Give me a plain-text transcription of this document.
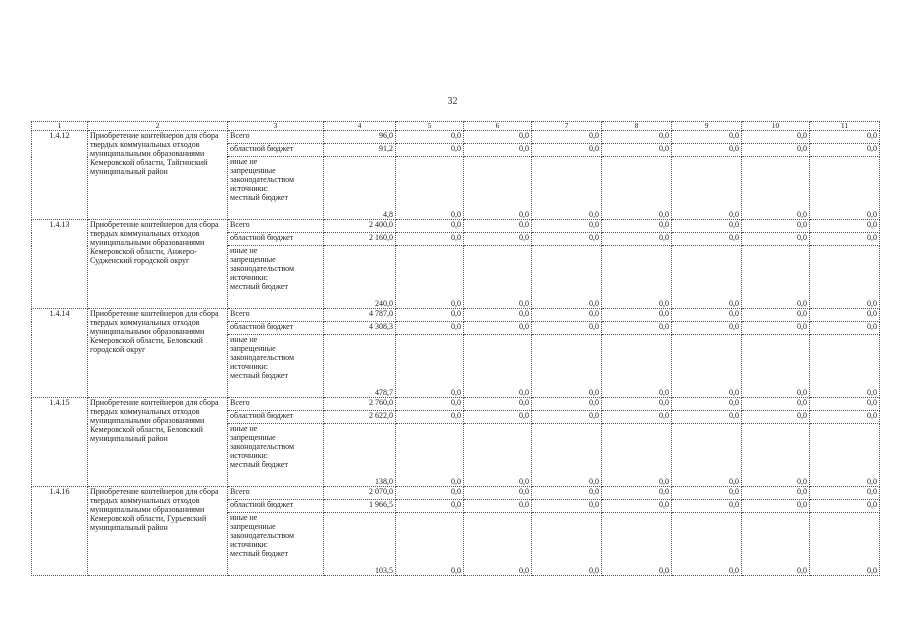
32
1	2	3	4	5	6	7	8	9	10	11
1.4.12	Приобретение контейнеров для сбора твердых коммунальных отходов муниципальными образованиями Кемеровской области, Тайгинский муниципальный район	Всего	96,0	0,0	0,0	0,0	0,0	0,0	0,0	0,0
		областной бюджет	91,2	0,0	0,0	0,0	0,0	0,0	0,0	0,0

		иные не
запрещенные
законодательством
источники:
местный бюджет	4,8	0,0	0,0	0,0	0,0	0,0	0,0	0,0
1.4.13	Приобретение контейнеров для сбора твердых коммунальных отходов муниципальными образованиями Кемеровской области, Анжеро-Судженский городской округ	Всего	2 400,0	0,0	0,0	0,0	0,0	0,0	0,0	0,0
		областной бюджет	2 160,0	0,0	0,0	0,0	0,0	0,0	0,0	0,0

		иные не
запрещенные
законодательством
источники:
местный бюджет	240,0	0,0	0,0	0,0	0,0	0,0	0,0	0,0
1.4.14	Приобретение контейнеров для сбора твердых коммунальных отходов муниципальными образованиями Кемеровской области, Беловский городской округ	Всего	4 787,0	0,0	0,0	0,0	0,0	0,0	0,0	0,0
		областной бюджет	4 308,3	0,0	0,0	0,0	0,0	0,0	0,0	0,0

		иные не
запрещенные
законодательством
источники:
местный бюджет	478,7	0,0	0,0	0,0	0,0	0,0	0,0	0,0
1.4.15	Приобретение контейнеров для сбора твердых коммунальных отходов муниципальными образованиями Кемеровской области, Беловский муниципальный район	Всего	2 760,0	0,0	0,0	0,0	0,0	0,0	0,0	0,0
		областной бюджет	2 622,0	0,0	0,0	0,0	0,0	0,0	0,0	0,0

		иные не
запрещенные
законодательством
источники:
местный бюджет	138,0	0,0	0,0	0,0	0,0	0,0	0,0	0,0
1.4.16	Приобретение контейнеров для сбора твердых коммунальных отходов муниципальными образованиями Кемеровской области, Гурьевский муниципальный район	Всего	2 070,0	0,0	0,0	0,0	0,0	0,0	0,0	0,0
		областной бюджет	1 966,5	0,0	0,0	0,0	0,0	0,0	0,0	0,0

		иные не
запрещенные
законодательством
источники:
местный бюджет	103,5	0,0	0,0	0,0	0,0	0,0	0,0	0,0
